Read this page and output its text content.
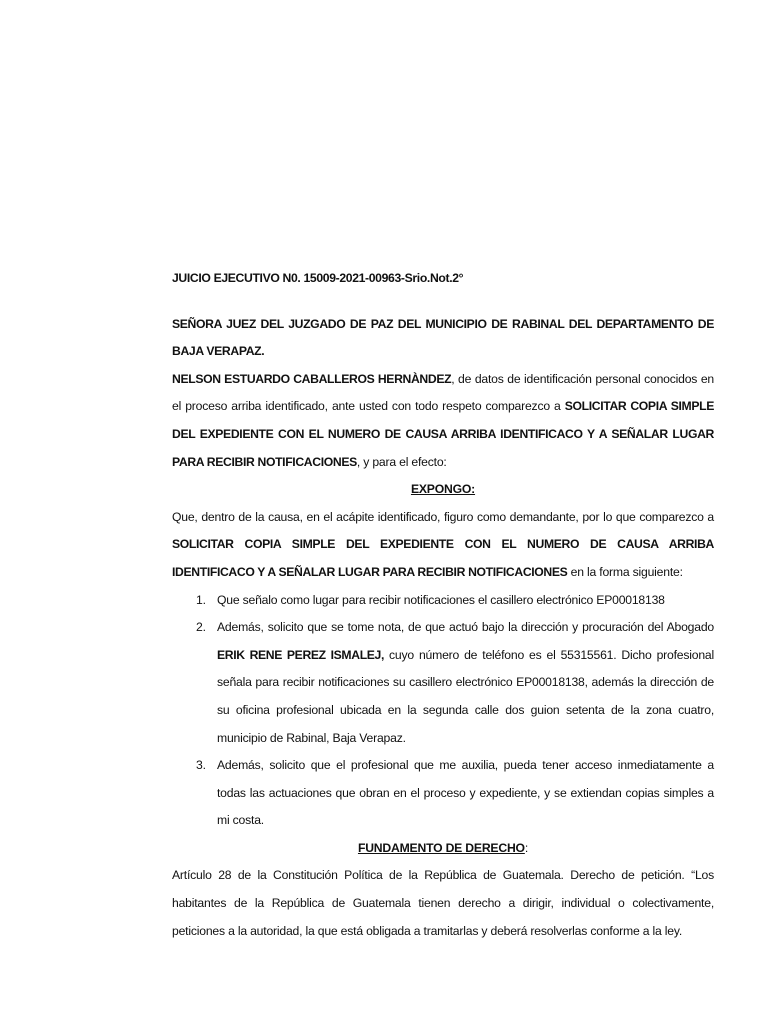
JUICIO EJECUTIVO N0. 15009-2021-00963-Srio.Not.2°

SEÑORA JUEZ DEL JUZGADO DE PAZ DEL MUNICIPIO DE RABINAL DEL DEPARTAMENTO DE BAJA VERAPAZ.

NELSON ESTUARDO CABALLEROS HERNÀNDEZ, de datos de identificación personal conocidos en el proceso arriba identificado, ante usted con todo respeto comparezco a SOLICITAR COPIA SIMPLE DEL EXPEDIENTE CON EL NUMERO DE CAUSA ARRIBA IDENTIFICACO Y A SEÑALAR LUGAR PARA RECIBIR NOTIFICACIONES, y para el efecto:

EXPONGO:

Que, dentro de la causa, en el acápite identificado, figuro como demandante, por lo que comparezco a SOLICITAR COPIA SIMPLE DEL EXPEDIENTE CON EL NUMERO DE CAUSA ARRIBA IDENTIFICACO Y A SEÑALAR LUGAR PARA RECIBIR NOTIFICACIONES en la forma siguiente:

1. Que señalo como lugar para recibir notificaciones el casillero electrónico EP00018138
2. Además, solicito que se tome nota, de que actuó bajo la dirección y procuración del Abogado ERIK RENE PEREZ ISMALEJ, cuyo número de teléfono es el 55315561. Dicho profesional señala para recibir notificaciones su casillero electrónico EP00018138, además la dirección de su oficina profesional ubicada en la segunda calle dos guion setenta de la zona cuatro, municipio de Rabinal, Baja Verapaz.
3. Además, solicito que el profesional que me auxilia, pueda tener acceso inmediatamente a todas las actuaciones que obran en el proceso y expediente, y se extiendan copias simples a mi costa.

FUNDAMENTO DE DERECHO:

Artículo 28 de la Constitución Política de la República de Guatemala. Derecho de petición. “Los habitantes de la República de Guatemala tienen derecho a dirigir, individual o colectivamente, peticiones a la autoridad, la que está obligada a tramitarlas y deberá resolverlas conforme a la ley.
